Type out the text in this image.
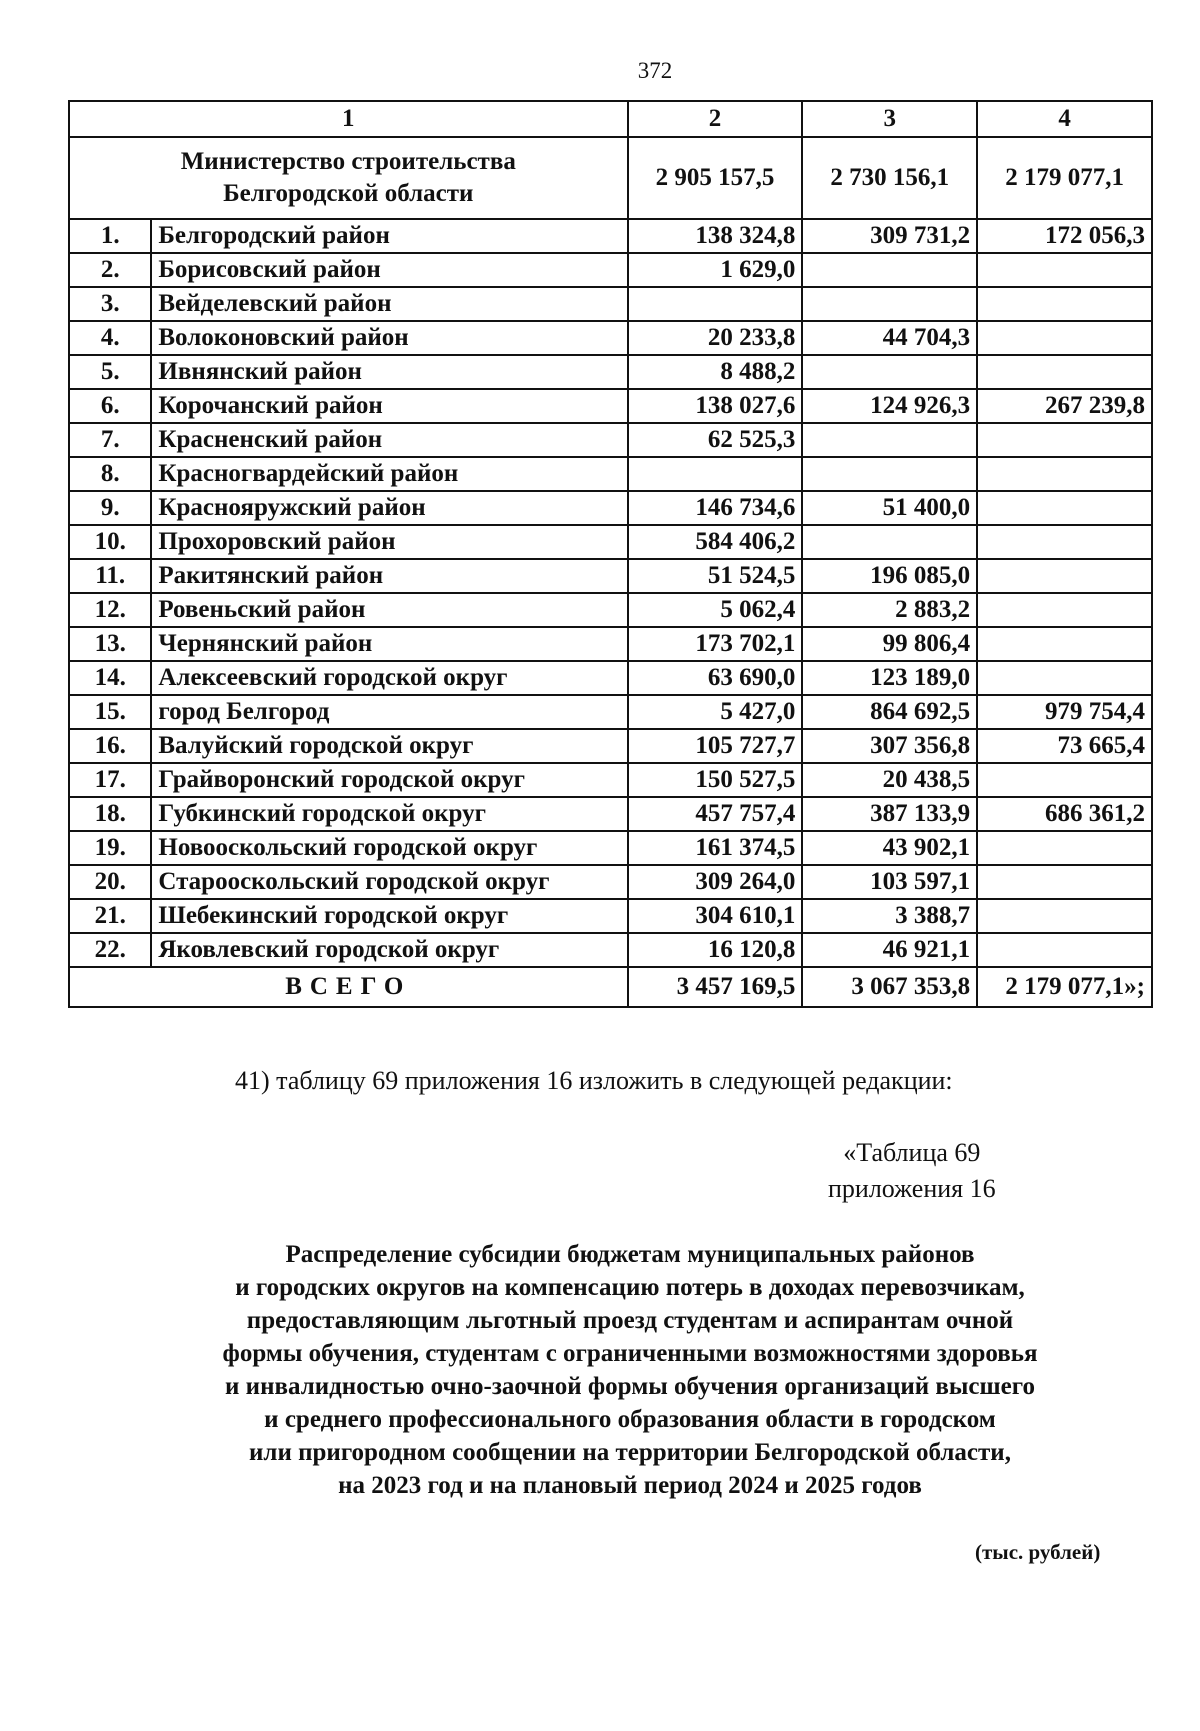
372
1		2	3	4

Министерство строительства
Белгородской области		2 905 157,5	2 730 156,1	2 179 077,1
1.	Белгородский район	138 324,8	309 731,2	172 056,3
2.	Борисовский район	1 629,0		
3.	Вейделевский район			
4.	Волоконовский район	20 233,8	44 704,3	
5.	Ивнянский район	8 488,2		
6.	Корочанский район	138 027,6	124 926,3	267 239,8
7.	Красненский район	62 525,3		
8.	Красногвардейский район			
9.	Краснояружский район	146 734,6	51 400,0	
10.	Прохоровский район	584 406,2		
11.	Ракитянский район	51 524,5	196 085,0	
12.	Ровеньский район	5 062,4	2 883,2	
13.	Чернянский район	173 702,1	99 806,4	
14.	Алексеевский городской округ	63 690,0	123 189,0	
15.	город Белгород	5 427,0	864 692,5	979 754,4
16.	Валуйский городской округ	105 727,7	307 356,8	73 665,4
17.	Грайворонский городской округ	150 527,5	20 438,5	
18.	Губкинский городской округ	457 757,4	387 133,9	686 361,2
19.	Новооскольский городской округ	161 374,5	43 902,1	
20.	Старооскольский городской округ	309 264,0	103 597,1	
21.	Шебекинский городской округ	304 610,1	3 388,7	
22.	Яковлевский городской округ	16 120,8	46 921,1	
ВСЕГО		3 457 169,5	3 067 353,8	2 179 077,1»;
41) таблицу 69 приложения 16 изложить в следующей редакции:
«Таблица 69
приложения 16
Распределение субсидии бюджетам муниципальных районов
и городских округов на компенсацию потерь в доходах перевозчикам,
предоставляющим льготный проезд студентам и аспирантам очной
формы обучения, студентам с ограниченными возможностями здоровья
и инвалидностью очно-заочной формы обучения организаций высшего
и среднего профессионального образования области в городском
или пригородном сообщении на территории Белгородской области,
на 2023 год и на плановый период 2024 и 2025 годов
(тыс. рублей)
